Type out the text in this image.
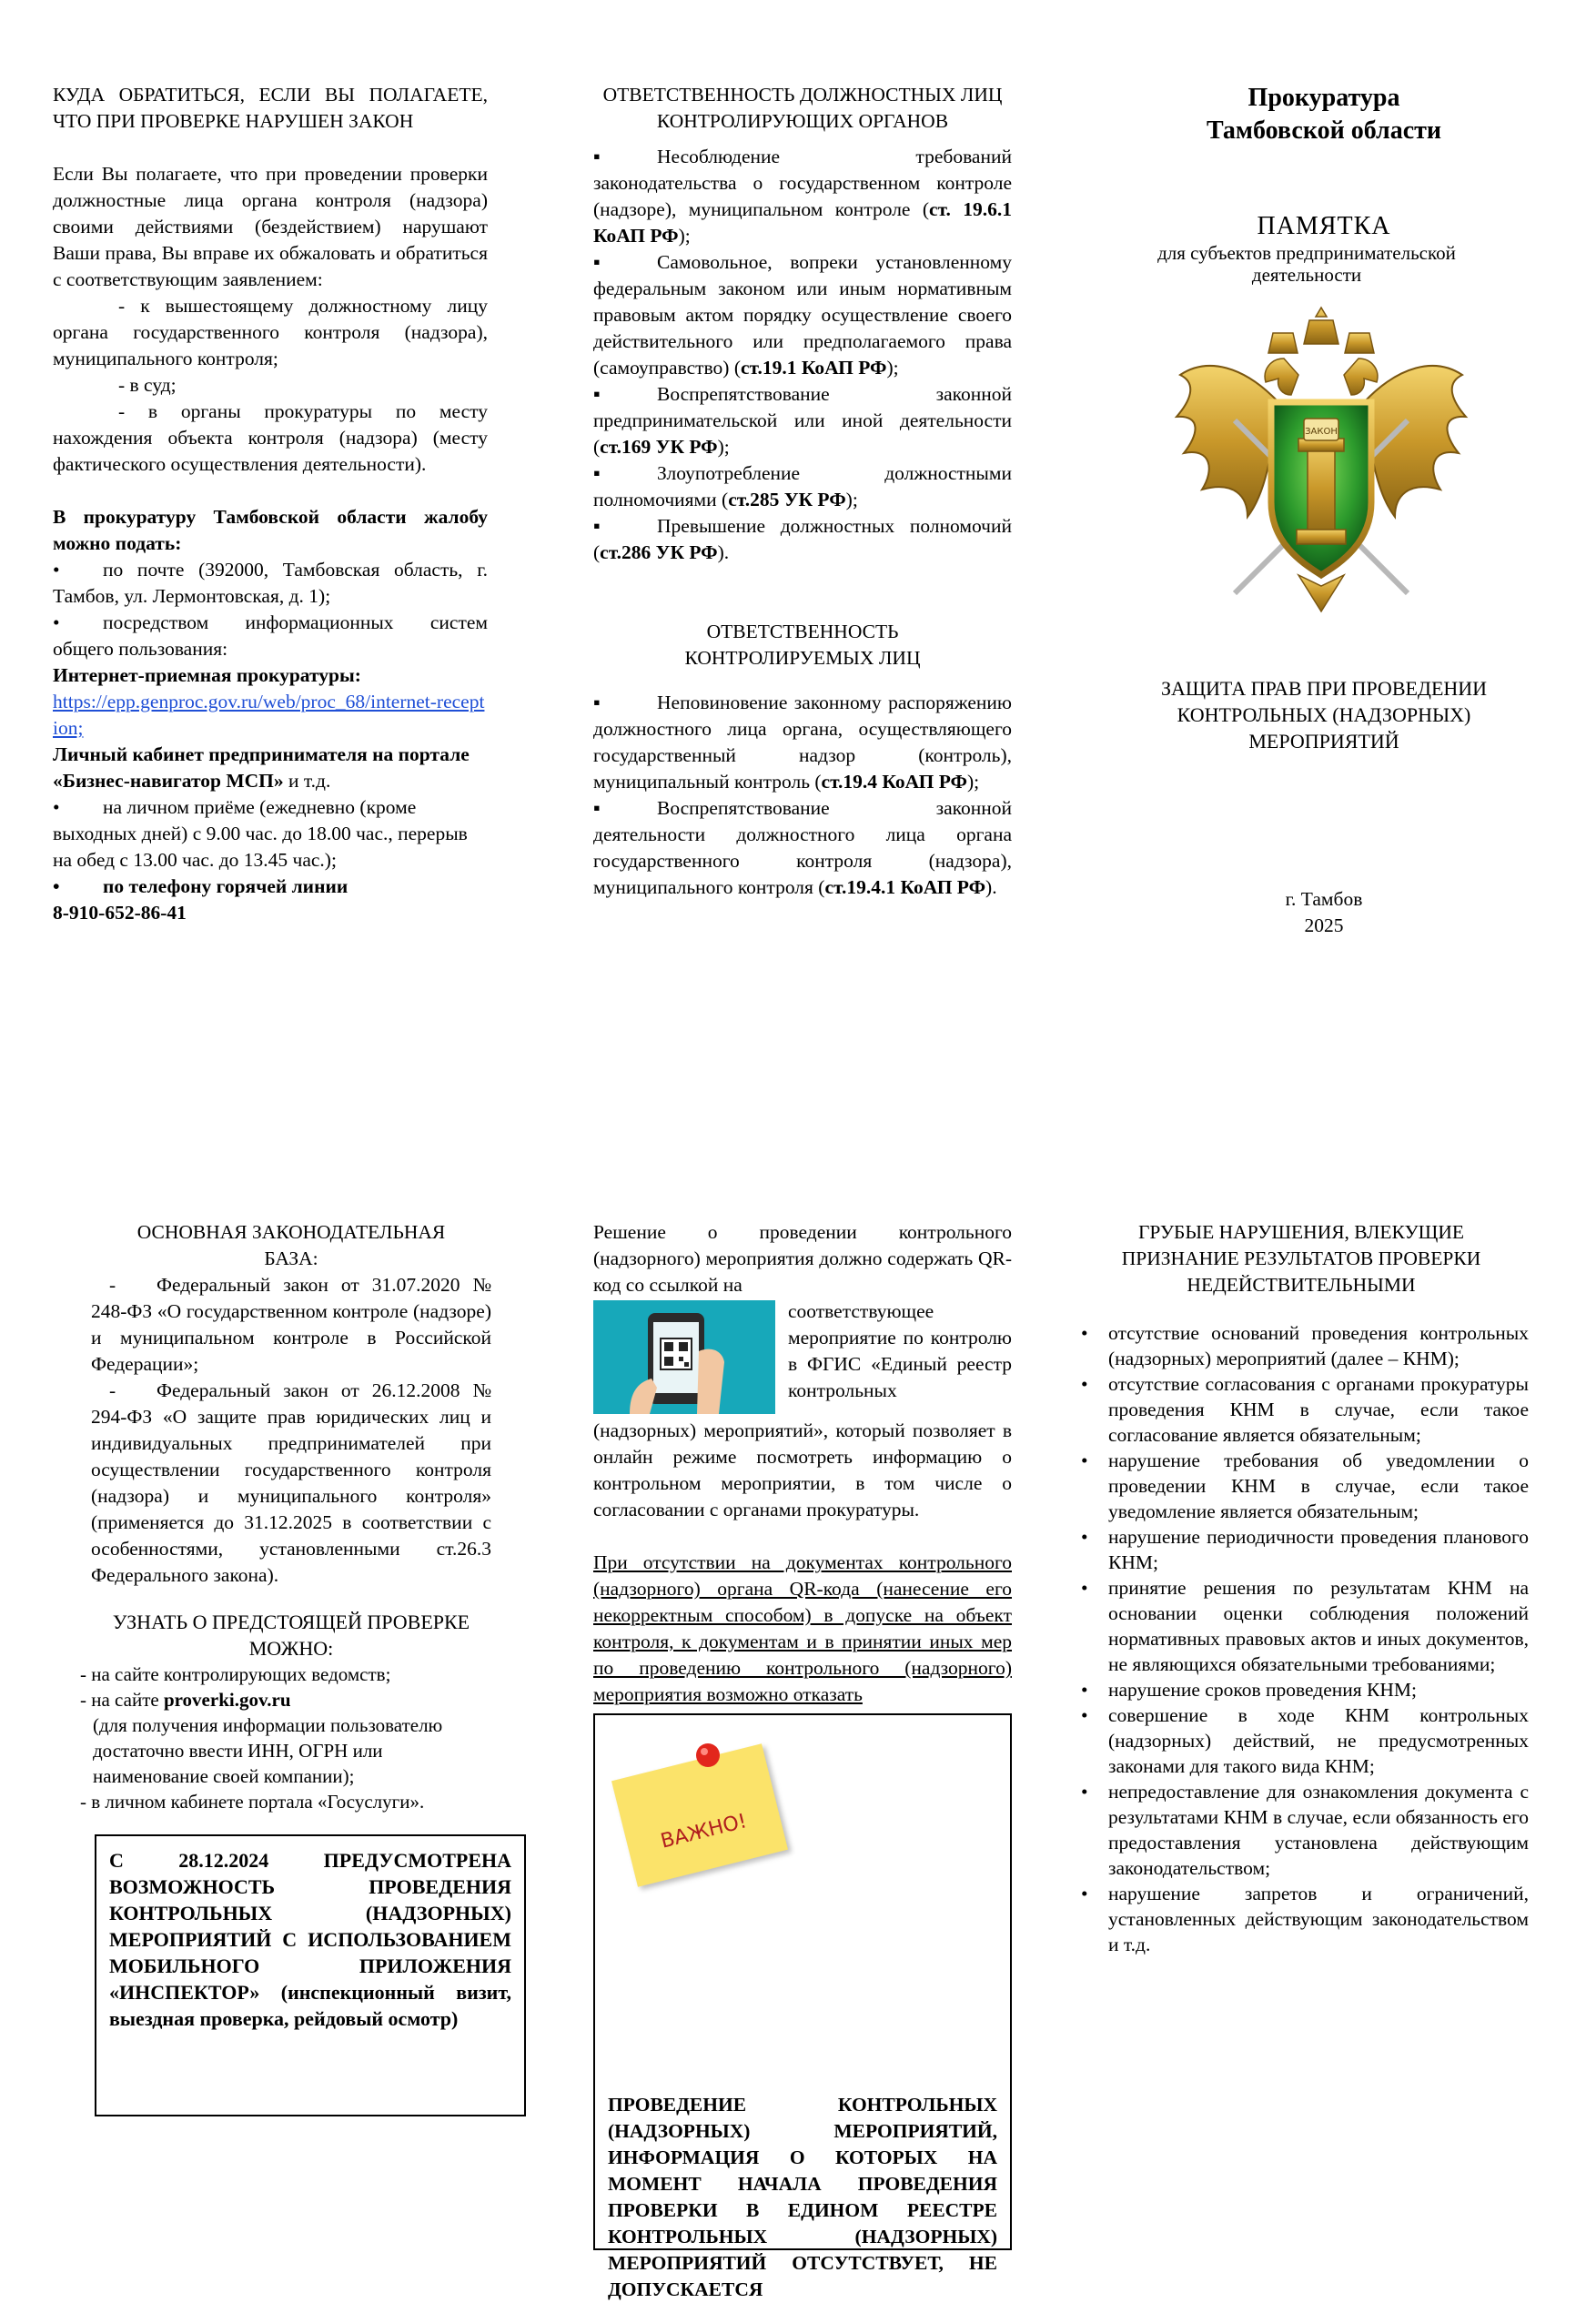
КУДА ОБРАТИТЬСЯ, ЕСЛИ ВЫ ПОЛАГАЕТЕ, ЧТО ПРИ ПРОВЕРКЕ НАРУШЕН ЗАКОН

Если Вы полагаете, что при проведении проверки должностные лица органа контроля (надзора) своими действиями (бездействием) нарушают Ваши права, Вы вправе их обжаловать и обратиться с соответствующим заявлением:

- к вышестоящему должностному лицу органа государственного контроля (надзора), муниципального контроля;

- в суд;

- в органы прокуратуры по месту нахождения объекта контроля (надзора) (месту фактического осуществления деятельности).

В прокуратуру Тамбовской области жалобу можно подать:

• по почте (392000, Тамбовская область, г. Тамбов, ул. Лермонтовская, д. 1);
• посредством информационных систем общего пользования:

Интернет-приемная прокуратуры:

https://epp.genproc.gov.ru/web/proc_68/internet-reception;

Личный кабинет предпринимателя на портале «Бизнес-навигатор МСП» и т.д.

• на личном приёме (ежедневно (кроме выходных дней) с 9.00 час. до 18.00 час., перерыв на обед с 13.00 час. до 13.45 час.);
• по телефону горячей линии

8-910-652-86-41

ОТВЕТСТВЕННОСТЬ ДОЛЖНОСТНЫХ ЛИЦ КОНТРОЛИРУЮЩИХ ОРГАНОВ

▪	Несоблюдение требований законодательства о государственном контроле (надзоре), муниципальном контроле (ст. 19.6.1 КоАП РФ);
▪	Самовольное, вопреки установленному федеральным законом или иным нормативным правовым актом порядку осуществление своего действительного или предполагаемого права (самоуправство) (ст.19.1 КоАП РФ);
▪	Воспрепятствование законной предпринимательской или иной деятельности (ст.169 УК РФ);
▪	Злоупотребление должностными полномочиями (ст.285 УК РФ);
▪	Превышение должностных полномочий (ст.286 УК РФ).

ОТВЕТСТВЕННОСТЬ КОНТРОЛИРУЕМЫХ ЛИЦ

▪	Неповиновение законному распоряжению должностного лица органа, осуществляющего государственный надзор (контроль), муниципальный контроль (ст.19.4 КоАП РФ);
▪	Воспрепятствование законной деятельности должностного лица органа государственного контроля (надзора), муниципального контроля (ст.19.4.1 КоАП РФ).

Прокуратура

Тамбовской области

ПАМЯТКА

для субъектов предпринимательской деятельности

ЗАКОН

ЗАЩИТА ПРАВ ПРИ ПРОВЕДЕНИИ КОНТРОЛЬНЫХ (НАДЗОРНЫХ) МЕРОПРИЯТИЙ

г. Тамбов

2025

ОСНОВНАЯ ЗАКОНОДАТЕЛЬНАЯ БАЗА:

- Федеральный закон от 31.07.2020 № 248-ФЗ «О государственном контроле (надзоре) и муниципальном контроле в Российской Федерации»;

- Федеральный закон от 26.12.2008 № 294-ФЗ «О защите прав юридических лиц и индивидуальных предпринимателей при осуществлении государственного контроля (надзора) и муниципального контроля» (применяется до 31.12.2025 в соответствии с особенностями, установленными ст.26.3 Федерального закона).

УЗНАТЬ О ПРЕДСТОЯЩЕЙ ПРОВЕРКЕ МОЖНО:

- на сайте контролирующих ведомств;

- на сайте proverki.gov.ru

(для получения информации пользователю достаточно ввести ИНН, ОГРН или наименование своей компании);

- в личном кабинете портала «Госуслуги».

С 28.12.2024 ПРЕДУСМОТРЕНА ВОЗМОЖНОСТЬ ПРОВЕДЕНИЯ КОНТРОЛЬНЫХ (НАДЗОРНЫХ) МЕРОПРИЯТИЙ С ИСПОЛЬЗОВАНИЕМ МОБИЛЬНОГО ПРИЛОЖЕНИЯ «ИНСПЕКТОР» (инспекционный визит, выездная проверка, рейдовый осмотр)

Решение о проведении контрольного (надзорного) мероприятия должно содержать QR-код со ссылкой на

соответствующее мероприятие по контролю в ФГИС «Единый реестр контрольных

(надзорных) мероприятий», который позволяет в онлайн режиме посмотреть информацию о контрольном мероприятии, в том числе о согласовании с органами прокуратуры.

При отсутствии на документах контрольного (надзорного) органа QR-кода (нанесение его некорректным способом) в допуске на объект контроля, к документам и в принятии иных мер по проведению контрольного (надзорного) мероприятия возможно отказать

ВАЖНО!

ПРОВЕДЕНИЕ КОНТРОЛЬНЫХ (НАДЗОРНЫХ) МЕРОПРИЯТИЙ, ИНФОРМАЦИЯ О КОТОРЫХ НА МОМЕНТ НАЧАЛА ПРОВЕДЕНИЯ ПРОВЕРКИ В ЕДИНОМ РЕЕСТРЕ КОНТРОЛЬНЫХ (НАДЗОРНЫХ) МЕРОПРИЯТИЙ ОТСУТСТВУЕТ, НЕ ДОПУСКАЕТСЯ

ГРУБЫЕ НАРУШЕНИЯ, ВЛЕКУЩИЕ ПРИЗНАНИЕ РЕЗУЛЬТАТОВ ПРОВЕРКИ НЕДЕЙСТВИТЕЛЬНЫМИ

• отсутствие оснований проведения контрольных (надзорных) мероприятий (далее – КНМ);
• отсутствие согласования с органами прокуратуры проведения КНМ в случае, если такое согласование является обязательным;
• нарушение требования об уведомлении о проведении КНМ в случае, если такое уведомление является обязательным;
• нарушение периодичности проведения планового КНМ;
• принятие решения по результатам КНМ на основании оценки соблюдения положений нормативных правовых актов и иных документов, не являющихся обязательными требованиями;
• нарушение сроков проведения КНМ;
• совершение в ходе КНМ контрольных (надзорных) действий, не предусмотренных законами для такого вида КНМ;
• непредоставление для ознакомления документа с результатами КНМ в случае, если обязанность его предоставления установлена действующим законодательством;
• нарушение запретов и ограничений, установленных действующим законодательством и т.д.
